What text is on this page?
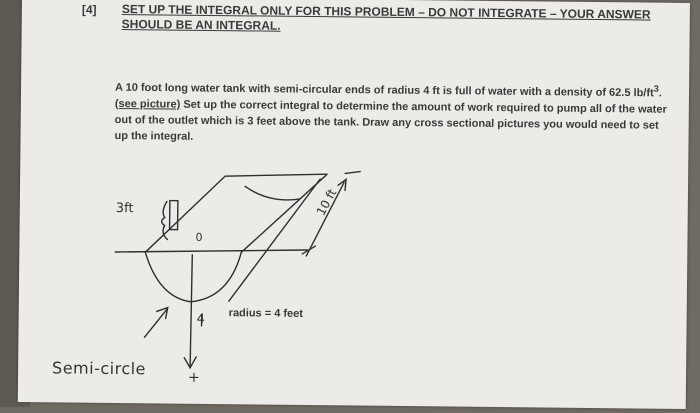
[4] SET UP THE INTEGRAL ONLY FOR THIS PROBLEM – DO NOT INTEGRATE – YOUR ANSWER SHOULD BE AN INTEGRAL.
A 10 foot long water tank with semi-circular ends of radius 4 ft is full of water with a density of 62.5 $lb/ft^3$. (see picture) Set up the correct integral to determine the amount of work required to pump all of the water out of the outlet which is 3 feet above the tank. Draw any cross sectional pictures you would need to set up the integral.
3ft
0
10 ft
radius = 4 feet
4
+
Semi-circle
